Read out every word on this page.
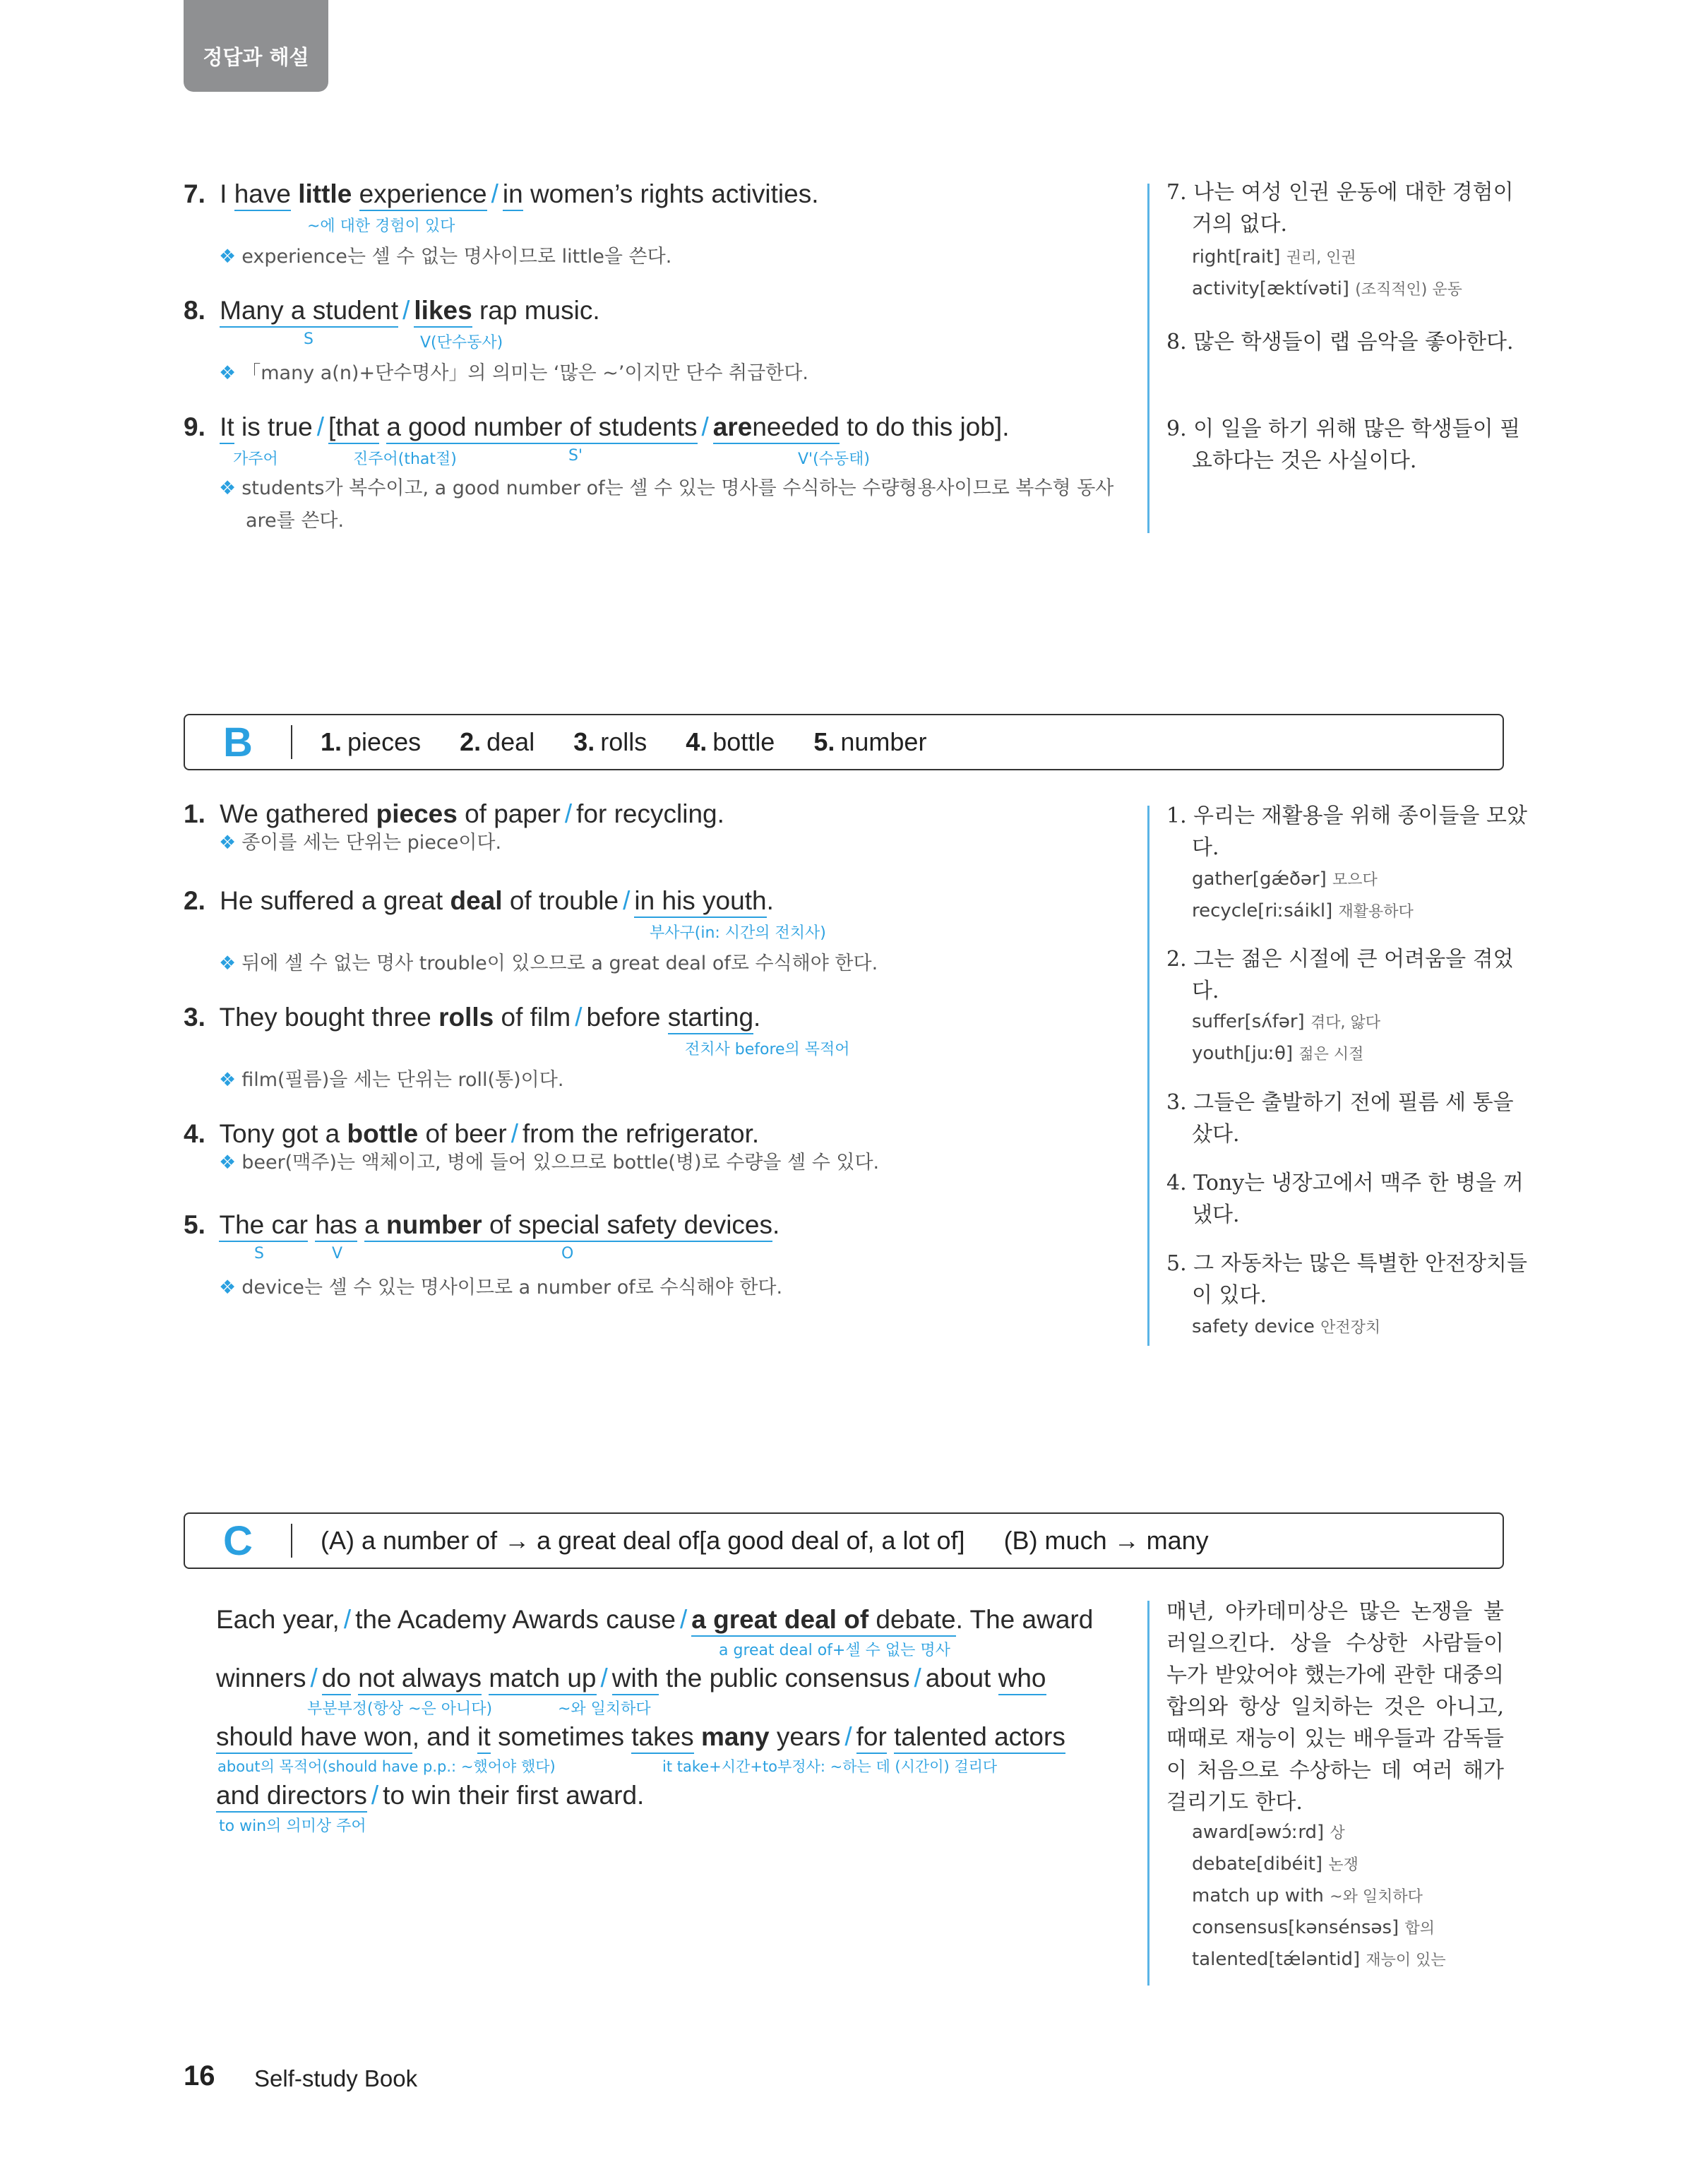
정답과 해설
7. I have little experience / in women’s rights activities.
~에 대한 경험이 있다
❖ experience는 셀 수 없는 명사이므로 little을 쓴다.
8. Many a student / likes rap music.
S	V(단수동사)
❖ 「many a(n)+단수명사」의 의미는 ‘많은 ~’이지만 단수 취급한다.
9. It is true / [that a good number of students / areneeded to do this job].
가주어	진주어(that절)	S'	V'(수동태)
❖ students가 복수이고, a good number of는 셀 수 있는 명사를 수식하는 수량형용사이므로 복수형 동사
are를 쓴다.
7. 나는 여성 인권 운동에 대한 경험이 거의 없다.
right[rait] 권리, 인권
activity[æktívəti] (조직적인) 운동
8. 많은 학생들이 랩 음악을 좋아한다.
9. 이 일을 하기 위해 많은 학생들이 필요하다는 것은 사실이다.
B	1. pieces 2. deal 3. rolls 4. bottle 5. number
1. We gathered pieces of paper / for recycling.
❖ 종이를 세는 단위는 piece이다.
2. He suffered a great deal of trouble / in his youth.
부사구(in: 시간의 전치사)
❖ 뒤에 셀 수 없는 명사 trouble이 있으므로 a great deal of로 수식해야 한다.
3. They bought three rolls of film / before starting.
전치사 before의 목적어
❖ film(필름)을 세는 단위는 roll(통)이다.
4. Tony got a bottle of beer / from the refrigerator.
❖ beer(맥주)는 액체이고, 병에 들어 있으므로 bottle(병)로 수량을 셀 수 있다.
5. The car has a number of special safety devices.
S	V	O
❖ device는 셀 수 있는 명사이므로 a number of로 수식해야 한다.
1. 우리는 재활용을 위해 종이들을 모았다.
gather[gǽðər] 모으다
recycle[riːsáikl] 재활용하다
2. 그는 젊은 시절에 큰 어려움을 겪었다.
suffer[sʌ́fər] 겪다, 앓다
youth[juːθ] 젊은 시절
3. 그들은 출발하기 전에 필름 세 통을 샀다.
4. Tony는 냉장고에서 맥주 한 병을 꺼냈다.
5. 그 자동차는 많은 특별한 안전장치들이 있다.
safety device 안전장치
C	(A) a number of → a great deal of [a good deal of, a lot of] (B) much → many
Each year, / the Academy Awards cause / a great deal of debate. The award
a great deal of+셀 수 없는 명사
winners / do not always match up / with the public consensus / about who
부분부정(항상 ~은 아니다)	~와 일치하다
should have won, and it sometimes takes many years / for talented actors
about의 목적어(should have p.p.: ~했어야 했다)	it take+시간+to부정사: ~하는 데 (시간이) 걸리다
and directors / to win their first award.
to win의 의미상 주어
매년, 아카데미상은 많은 논쟁을 불러일으킨다. 상을 수상한 사람들이 누가 받았어야 했는가에 관한 대중의 합의와 항상 일치하는 것은 아니고, 때때로 재능이 있는 배우들과 감독들이 처음으로 수상하는 데 여러 해가 걸리기도 한다.
award[əwɔ́ːrd] 상
debate[dibéit] 논쟁
match up with ~와 일치하다
consensus[kənsénsəs] 합의
talented[tǽləntid] 재능이 있는
16 Self-study Book
